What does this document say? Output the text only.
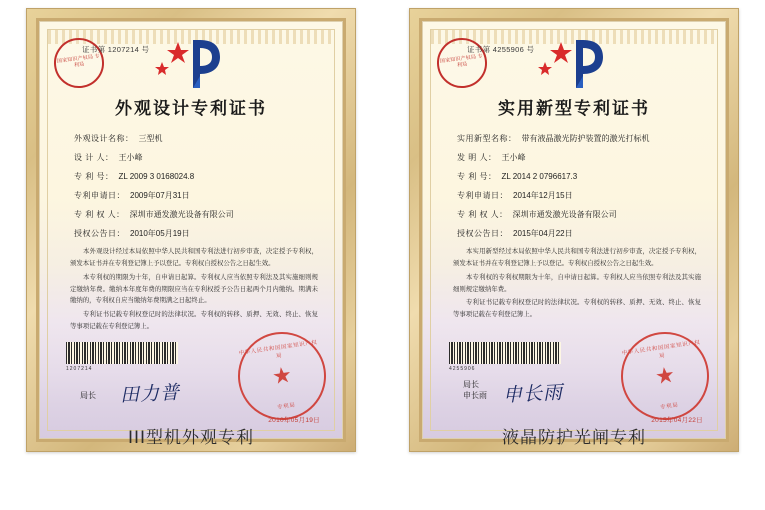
国家知识产权局 专利局
证书第 1207214 号
外观设计专利证书
外观设计名称： 三型机
设 计 人： 王小峰
专 利 号： ZL 2009 3 0168024.8
专利申请日： 2009年07月31日
专 利 权 人： 深圳市通发激光设备有限公司
授权公告日： 2010年05月19日

本外观设计经过本局依照中华人民共和国专利法进行初步审查，决定授予专利权，颁发本证书并在专利登记簿上予以登记。专利权自授权公告之日起生效。

本专利权的期限为十年，自申请日起算。专利权人应当依照专利法及其实施细则规定缴纳年费。缴纳本年度年费的期限应当在专利权授予公告日起两个月内缴纳。期满未缴纳的，专利权自应当缴纳年费期满之日起终止。

专利证书记载专利权登记时的法律状况。专利权的转移、质押、无效、终止、恢复等事项记载在专利登记簿上。

1207214
局长 田力普
中华人民共和国国家知识产权局
★
专利局
2010年05月19日
III型机外观专利
国家知识产权局 专利局
证书第 4255906 号
实用新型专利证书
实用新型名称： 带有液晶激光防护装置的激光打标机
发 明 人： 王小峰
专 利 号： ZL 2014 2 0796617.3
专利申请日： 2014年12月15日
专 利 权 人： 深圳市通发激光设备有限公司
授权公告日： 2015年04月22日

本实用新型经过本局依照中华人民共和国专利法进行初步审查，决定授予专利权，颁发本证书并在专利登记簿上予以登记。专利权自授权公告之日起生效。

本专利权的专利权期限为十年，自申请日起算。专利权人应当依照专利法及其实施细则规定缴纳年费。

专利证书记载专利权登记时的法律状况。专利权的转移、质押、无效、终止、恢复等事项记载在专利登记簿上。

4255906
局长
申长雨 申长雨
中华人民共和国国家知识产权局
★
专利局
2015年04月22日
液晶防护光闸专利
